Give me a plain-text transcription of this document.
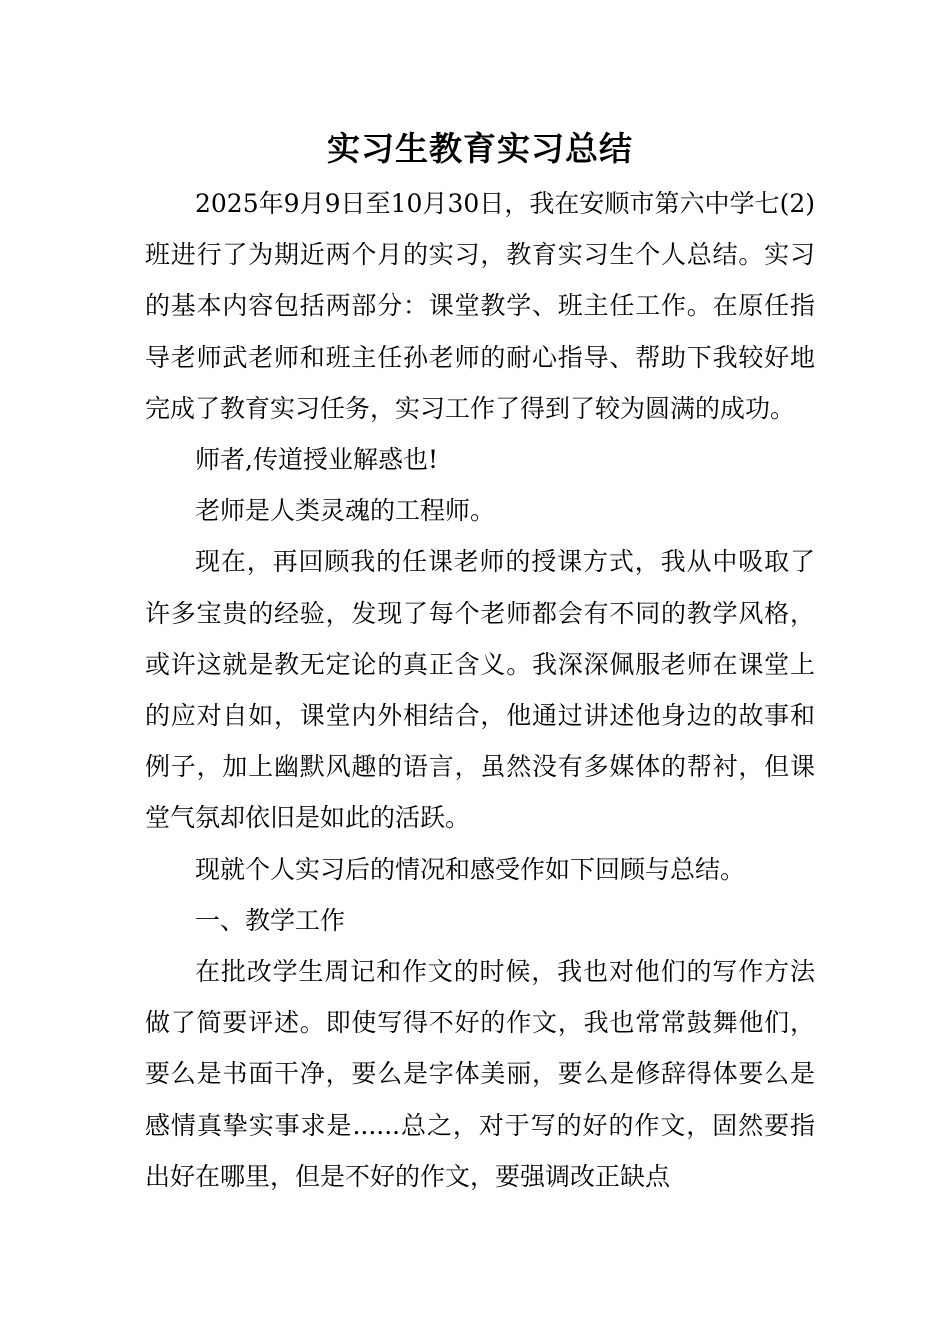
实习生教育实习总结

2025年9月9日至10月30日，我在安顺市第六中学七(2)班进行了为期近两个月的实习，教育实习生个人总结。实习的基本内容包括两部分：课堂教学、班主任工作。在原任指导老师武老师和班主任孙老师的耐心指导、帮助下我较好地完成了教育实习任务，实习工作了得到了较为圆满的成功。

师者,传道授业解惑也!

老师是人类灵魂的工程师。

现在，再回顾我的任课老师的授课方式，我从中吸取了许多宝贵的经验，发现了每个老师都会有不同的教学风格，或许这就是教无定论的真正含义。我深深佩服老师在课堂上的应对自如，课堂内外相结合，他通过讲述他身边的故事和例子，加上幽默风趣的语言，虽然没有多媒体的帮衬，但课堂气氛却依旧是如此的活跃。

现就个人实习后的情况和感受作如下回顾与总结。

一、教学工作

在批改学生周记和作文的时候，我也对他们的写作方法做了简要评述。即使写得不好的作文，我也常常鼓舞他们，要么是书面干净，要么是字体美丽，要么是修辞得体要么是感情真挚实事求是......总之，对于写的好的作文，固然要指出好在哪里，但是不好的作文，要强调改正缺点
